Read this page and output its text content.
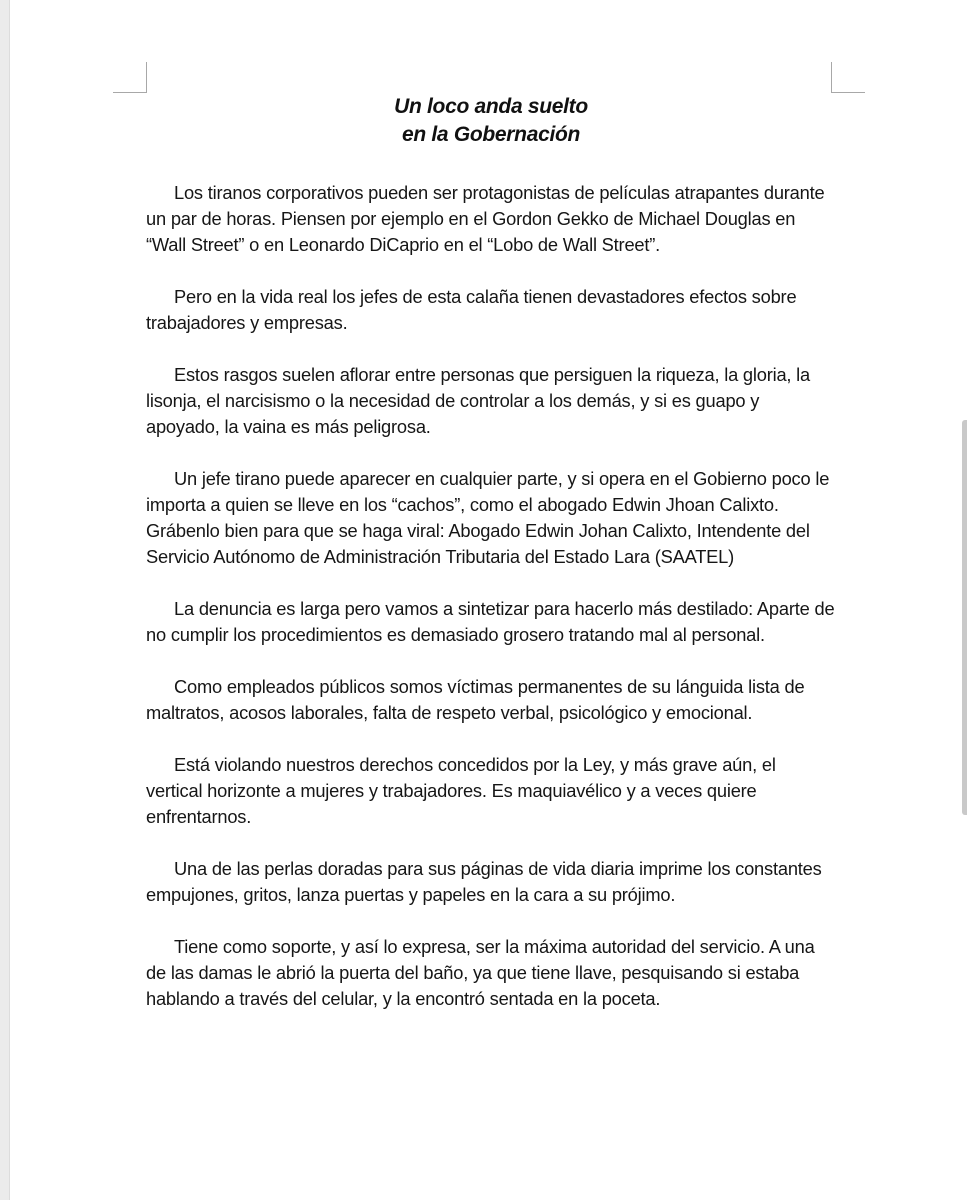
Un loco anda suelto
en la Gobernación

Los tiranos corporativos pueden ser protagonistas de películas atrapantes durante un par de horas. Piensen por ejemplo en el Gordon Gekko de Michael Douglas en “Wall Street” o en Leonardo DiCaprio en el “Lobo de Wall Street”.

Pero en la vida real los jefes de esta calaña tienen devastadores efectos sobre trabajadores y empresas.

Estos rasgos suelen aflorar entre personas que persiguen la riqueza, la gloria, la lisonja, el narcisismo o la necesidad de controlar a los demás, y si es guapo y apoyado, la vaina es más peligrosa.

Un jefe tirano puede aparecer en cualquier parte, y si opera en el Gobierno poco le importa a quien se lleve en los “cachos”, como el abogado Edwin Jhoan Calixto. Grábenlo bien para que se haga viral: Abogado Edwin Johan Calixto, Intendente del Servicio Autónomo de Administración Tributaria del Estado Lara (SAATEL)

La denuncia es larga pero vamos a sintetizar para hacerlo más destilado: Aparte de no cumplir los procedimientos es demasiado grosero tratando mal al personal.

Como empleados públicos somos víctimas permanentes de su lánguida lista de maltratos, acosos laborales, falta de respeto verbal, psicológico y emocional.

Está violando nuestros derechos concedidos por la Ley, y más grave aún, el vertical horizonte a mujeres y trabajadores. Es maquiavélico y a veces quiere enfrentarnos.

Una de las perlas doradas para sus páginas de vida diaria imprime los constantes empujones, gritos, lanza puertas y papeles en la cara a su prójimo.

Tiene como soporte, y así lo expresa, ser la máxima autoridad del servicio. A una de las damas le abrió la puerta del baño, ya que tiene llave, pesquisando si estaba hablando a través del celular, y la encontró sentada en la poceta.
